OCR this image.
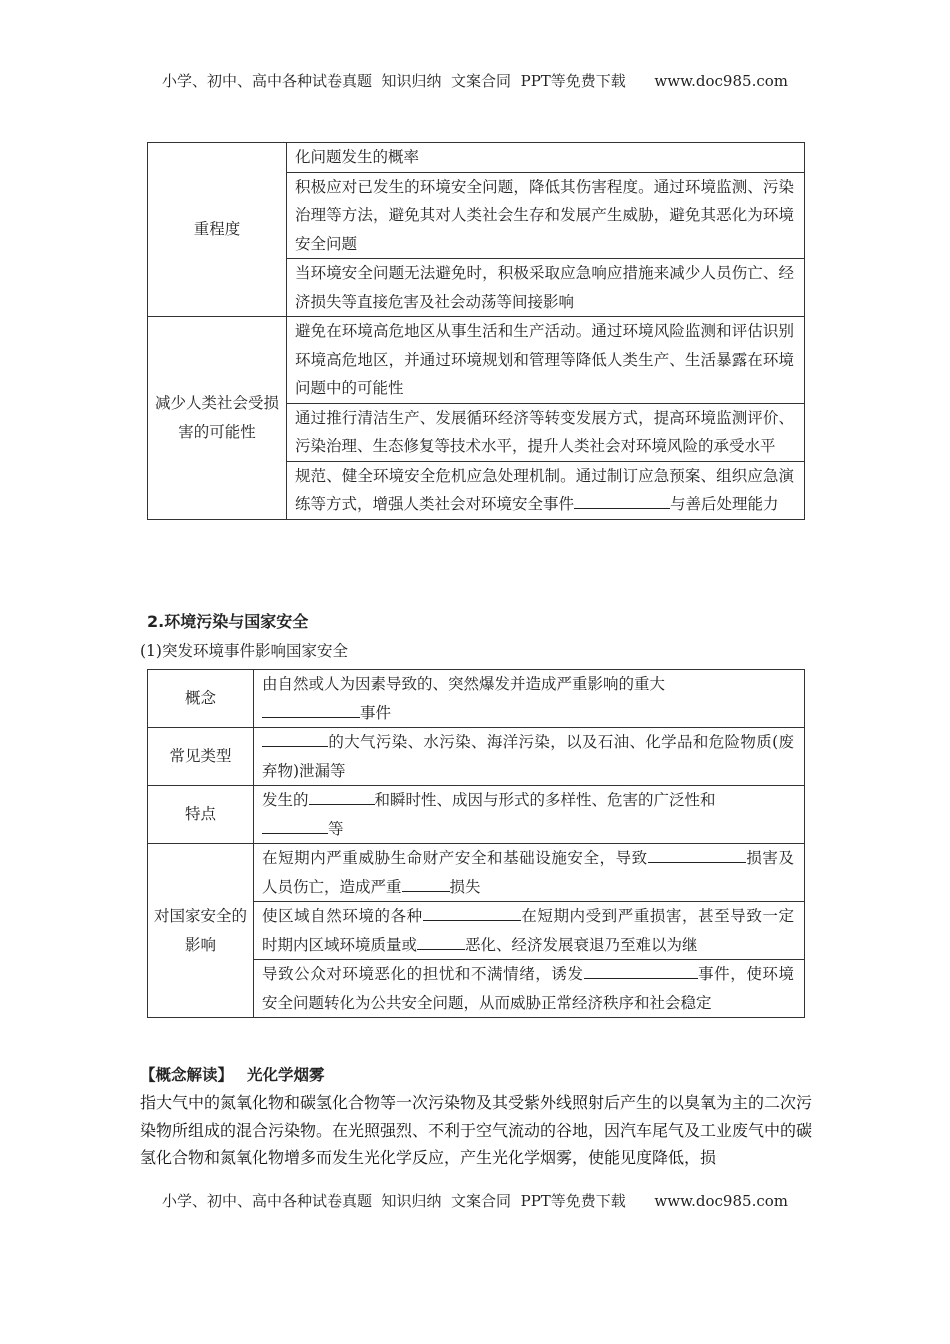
小学、初中、高中各种试卷真题  知识归纳  文案合同  PPT等免费下载      www.doc985.com
重程度	化问题发生的概率
	积极应对已发生的环境安全问题，降低其伤害程度。通过环境监测、污染治理等方法，避免其对人类社会生存和发展产生威胁，避免其恶化为环境安全问题
	当环境安全问题无法避免时，积极采取应急响应措施来减少人员伤亡、经济损失等直接危害及社会动荡等间接影响
减少人类社会受损害的可能性	避免在环境高危地区从事生活和生产活动。通过环境风险监测和评估识别环境高危地区，并通过环境规划和管理等降低人类生产、生活暴露在环境问题中的可能性
	通过推行清洁生产、发展循环经济等转变发展方式，提高环境监测评价、污染治理、生态修复等技术水平，提升人类社会对环境风险的承受水平
	规范、健全环境安全危机应急处理机制。通过制订应急预案、组织应急演练等方式，增强人类社会对环境安全事件 与善后处理能力
2.环境污染与国家安全
(1)突发环境事件影响国家安全
概念	由自然或人为因素导致的、突然爆发并造成严重影响的重大
事件
常见类型	的大气污染、水污染、海洋污染，以及石油、化学品和危险物质(废弃物)泄漏等
特点	发生的 和瞬时性、成因与形式的多样性、危害的广泛性和
等
对国家安全的影响	在短期内严重威胁生命财产安全和基础设施安全，导致 损害及人员伤亡，造成严重 损失
	使区域自然环境的各种 在短期内受到严重损害，甚至导致一定时期内区域环境质量或 恶化、经济发展衰退乃至难以为继
	导致公众对环境恶化的担忧和不满情绪，诱发 事件，使环境安全问题转化为公共安全问题，从而威胁正常经济秩序和社会稳定
【概念解读】 光化学烟雾
指大气中的氮氧化物和碳氢化合物等一次污染物及其受紫外线照射后产生的以臭氧为主的二次污染物所组成的混合污染物。在光照强烈、不利于空气流动的谷地，因汽车尾气及工业废气中的碳氢化合物和氮氧化物增多而发生光化学反应，产生光化学烟雾，使能见度降低，损
小学、初中、高中各种试卷真题  知识归纳  文案合同  PPT等免费下载      www.doc985.com
